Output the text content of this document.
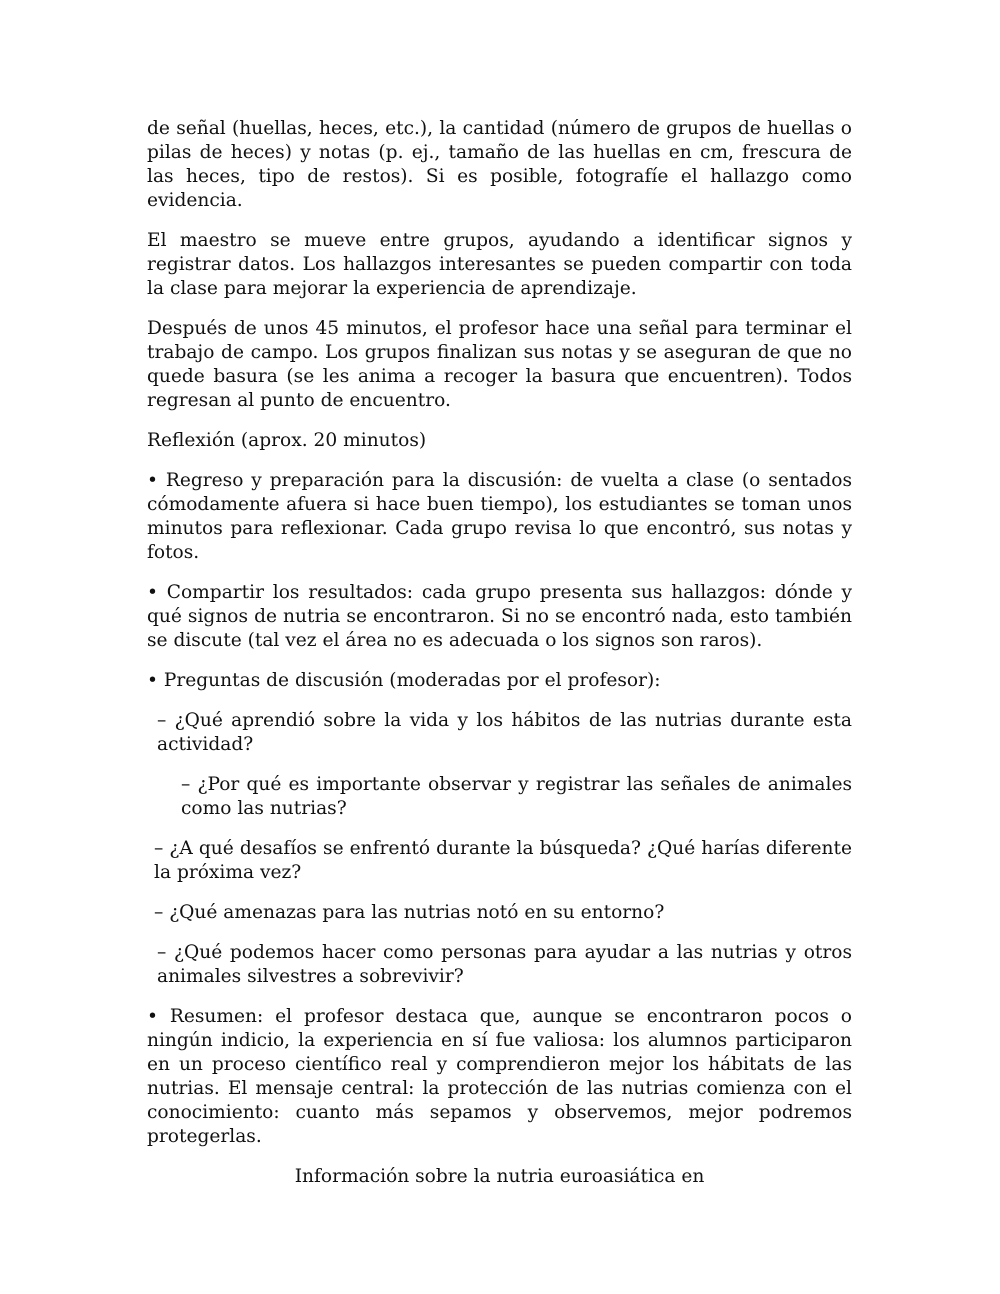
de señal (huellas, heces, etc.), la cantidad (número de grupos de huellas o pilas de heces) y notas (p. ej., tamaño de las huellas en cm, frescura de las heces, tipo de restos). Si es posible, fotografíe el hallazgo como evidencia.

El maestro se mueve entre grupos, ayudando a identificar signos y registrar datos. Los hallazgos interesantes se pueden compartir con toda la clase para mejorar la experiencia de aprendizaje.

Después de unos 45 minutos, el profesor hace una señal para terminar el trabajo de campo. Los grupos finalizan sus notas y se aseguran de que no quede basura (se les anima a recoger la basura que encuentren). Todos regresan al punto de encuentro.

Reflexión (aprox. 20 minutos)

• Regreso y preparación para la discusión: de vuelta a clase (o sentados cómodamente afuera si hace buen tiempo), los estudiantes se toman unos minutos para reflexionar. Cada grupo revisa lo que encontró, sus notas y fotos.

• Compartir los resultados: cada grupo presenta sus hallazgos: dónde y qué signos de nutria se encontraron. Si no se encontró nada, esto también se discute (tal vez el área no es adecuada o los signos son raros).

• Preguntas de discusión (moderadas por el profesor):

– ¿Qué aprendió sobre la vida y los hábitos de las nutrias durante esta actividad?

– ¿Por qué es importante observar y registrar las señales de animales como las nutrias?

– ¿A qué desafíos se enfrentó durante la búsqueda? ¿Qué harías diferente la próxima vez?

– ¿Qué amenazas para las nutrias notó en su entorno?

– ¿Qué podemos hacer como personas para ayudar a las nutrias y otros animales silvestres a sobrevivir?

• Resumen: el profesor destaca que, aunque se encontraron pocos o ningún indicio, la experiencia en sí fue valiosa: los alumnos participaron en un proceso científico real y comprendieron mejor los hábitats de las nutrias. El mensaje central: la protección de las nutrias comienza con el conocimiento: cuanto más sepamos y observemos, mejor podremos protegerlas.

Información sobre la nutria euroasiática en
